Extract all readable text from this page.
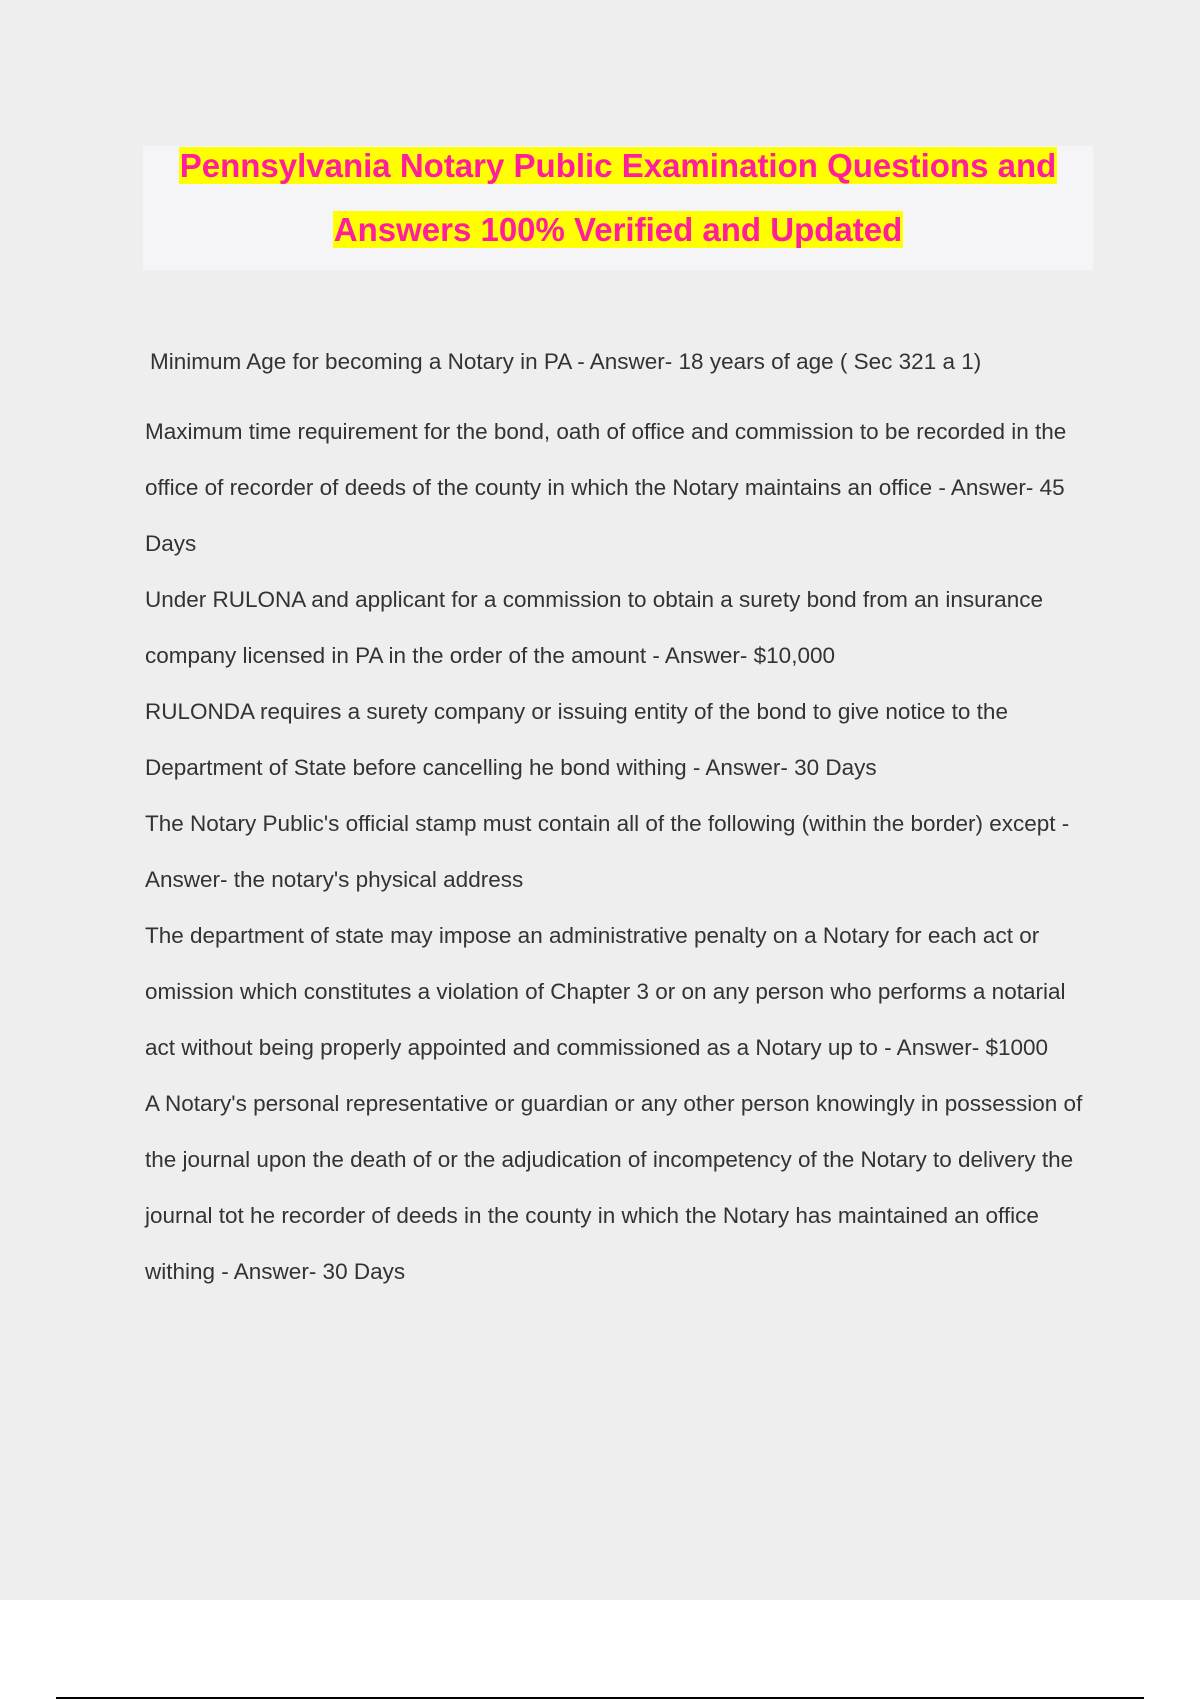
Pennsylvania Notary Public Examination Questions and
Answers 100% Verified and Updated

Minimum Age for becoming a Notary in PA - Answer- 18 years of age ( Sec 321 a 1)

Maximum time requirement for the bond, oath of office and commission to be recorded in the office of recorder of deeds of the county in which the Notary maintains an office - Answer- 45 Days

Under RULONA and applicant for a commission to obtain a surety bond from an insurance company licensed in PA in the order of the amount - Answer- $10,000

RULONDA requires a surety company or issuing entity of the bond to give notice to the Department of State before cancelling he bond withing - Answer- 30 Days

The Notary Public's official stamp must contain all of the following (within the border) except - Answer- the notary's physical address

The department of state may impose an administrative penalty on a Notary for each act or omission which constitutes a violation of Chapter 3 or on any person who performs a notarial act without being properly appointed and commissioned as a Notary up to - Answer- $1000

A Notary's personal representative or guardian or any other person knowingly in possession of the journal upon the death of or the adjudication of incompetency of the Notary to delivery the journal tot he recorder of deeds in the county in which the Notary has maintained an office withing - Answer- 30 Days
